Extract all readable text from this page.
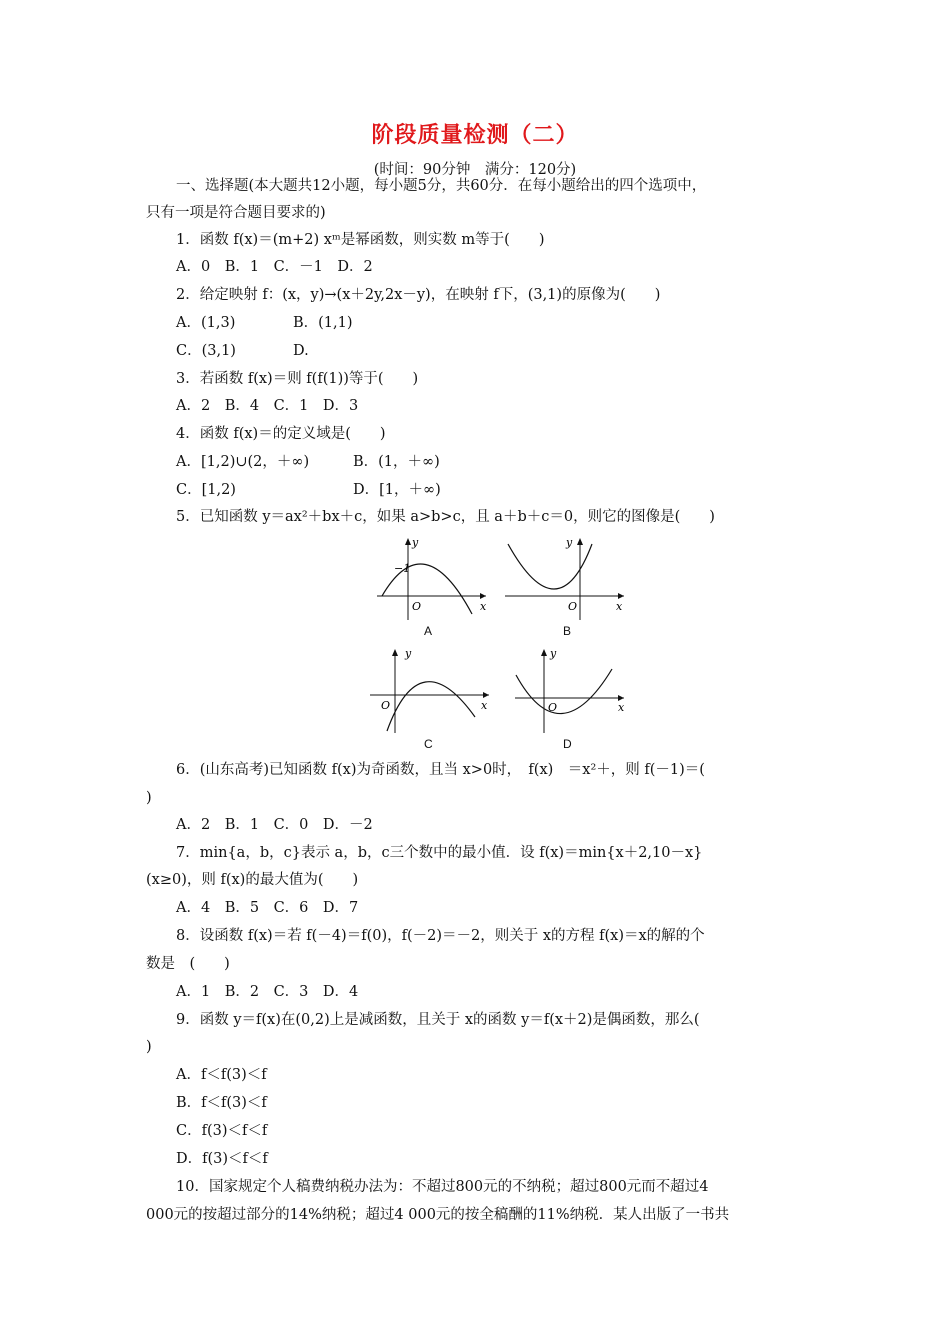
阶段质量检测（二）
(时间：90分钟　满分：120分)
一、选择题(本大题共12小题，每小题5分，共60分．在每小题给出的四个选项中，
只有一项是符合题目要求的)
1．函数 f(x)＝(m+2) xᵐ是幂函数，则实数 m等于(　　)
A．0　B．1　C．－1　D．2
2．给定映射 f：(x，y)→(x＋2y,2x－y)，在映射 f下，(3,1)的原像为(　　)
A．(1,3)	B．(1,1)
C．(3,1)	D.
3．若函数 f(x)＝则 f(f(1))等于(　　)
A．2　B．4　C．1　D．3
4．函数 f(x)＝的定义域是(　　)
A．[1,2)∪(2，＋∞)	B．(1，＋∞)
C．[1,2)	D．[1，＋∞)
5．已知函数 y＝ax²＋bx＋c，如果 a>b>c，且 a＋b＋c＝0，则它的图像是(　　)
−1
y
x
O
A
y
x
O
B
y
x
O
C
y
x
O
D
6．(山东高考)已知函数 f(x)为奇函数，且当 x>0时，　f(x)　＝x²＋，则 f(－1)＝(
)
A．2　B．1　C．0　D．－2
7．min{a，b，c}表示 a，b，c三个数中的最小值．设 f(x)＝min{x＋2,10－x}
(x≥0)，则 f(x)的最大值为(　　)
A．4　B．5　C．6　D．7
8．设函数 f(x)＝若 f(－4)＝f(0)，f(－2)＝－2，则关于 x的方程 f(x)＝x的解的个
数是　(　　)
A．1　B．2　C．3　D．4
9．函数 y＝f(x)在(0,2)上是减函数，且关于 x的函数 y＝f(x＋2)是偶函数，那么(
)
A．f＜f(3)＜f
B．f＜f(3)＜f
C．f(3)＜f＜f
D．f(3)＜f＜f
10．国家规定个人稿费纳税办法为：不超过800元的不纳税；超过800元而不超过4
000元的按超过部分的14%纳税；超过4 000元的按全稿酬的11%纳税．某人出版了一书共
